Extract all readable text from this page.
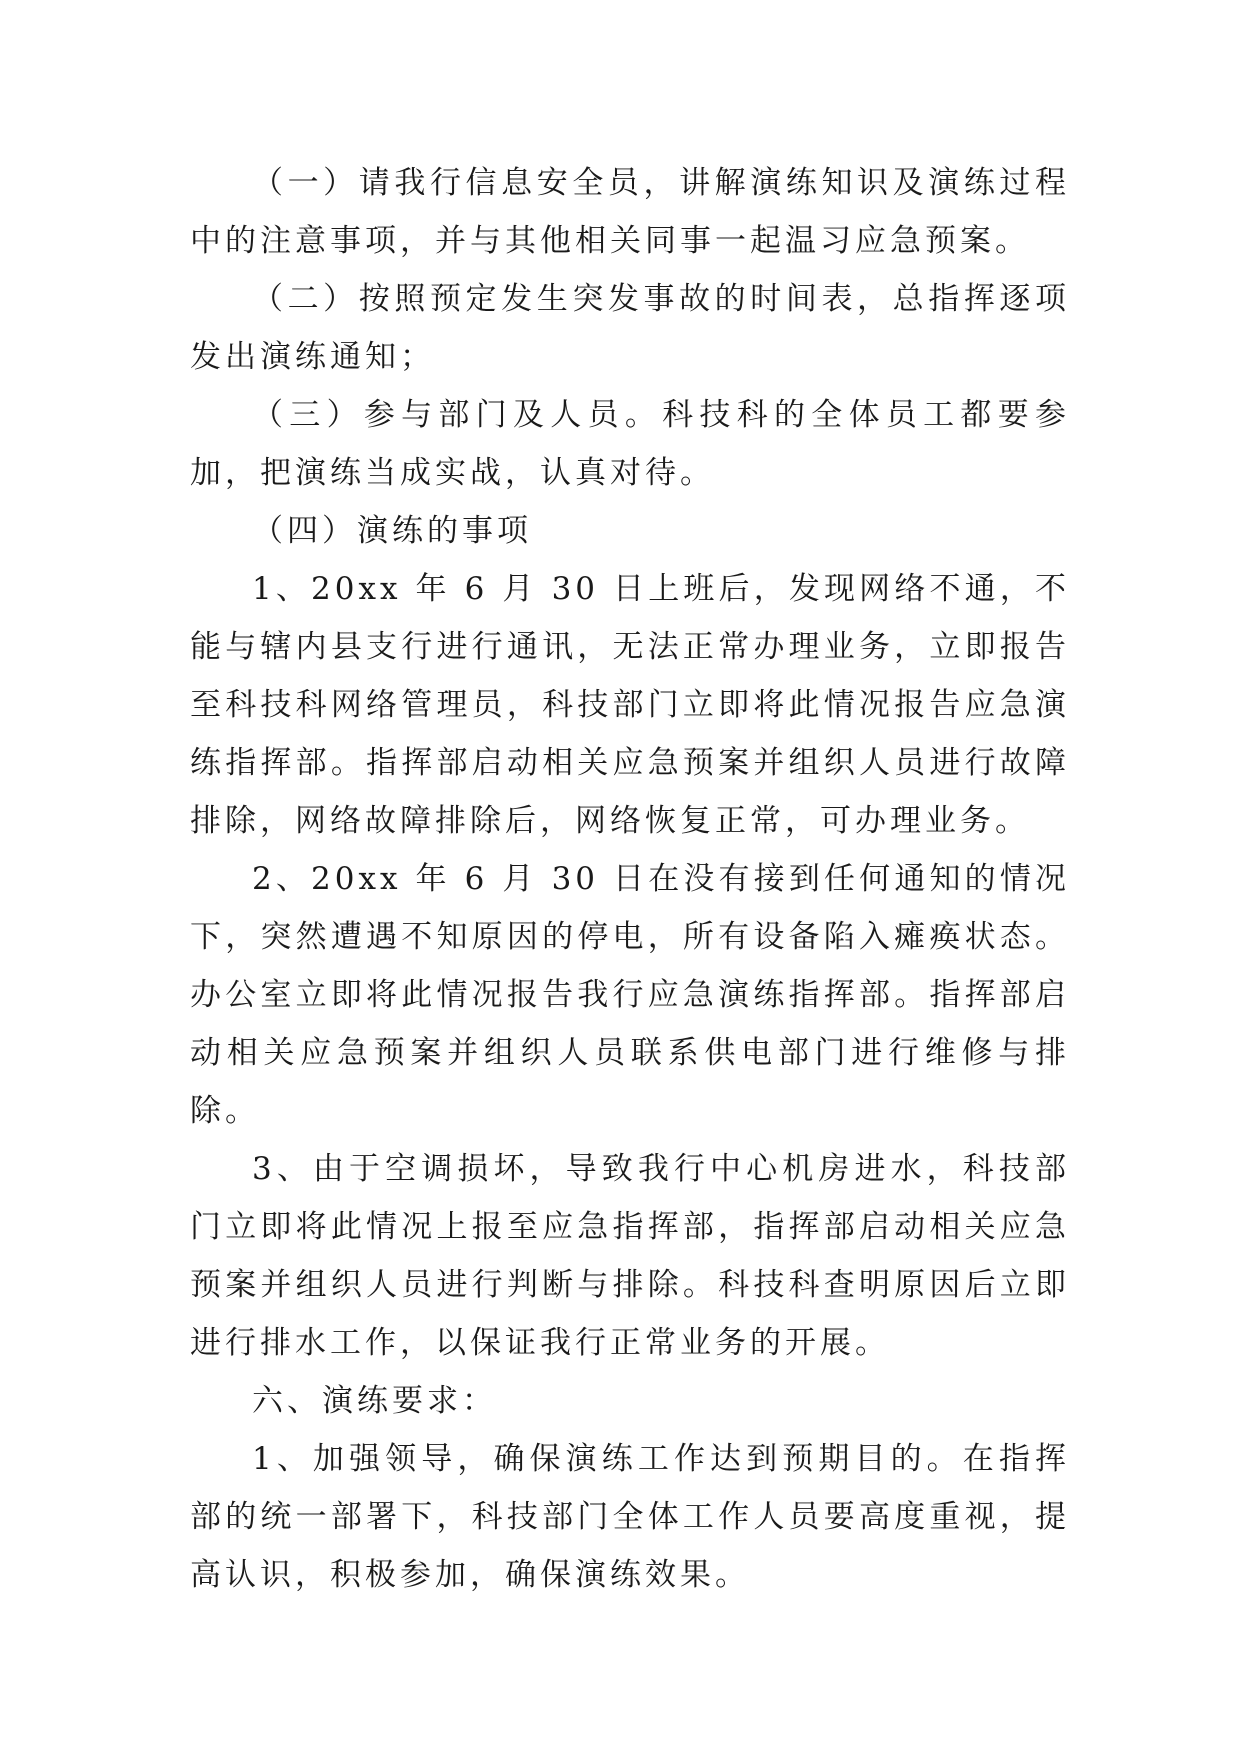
（一）请我行信息安全员，讲解演练知识及演练过程中的注意事项，并与其他相关同事一起温习应急预案。

（二）按照预定发生突发事故的时间表，总指挥逐项发出演练通知；

（三）参与部门及人员。科技科的全体员工都要参加，把演练当成实战，认真对待。

（四）演练的事项

1、20xx 年 6 月 30 日上班后，发现网络不通，不能与辖内县支行进行通讯，无法正常办理业务，立即报告至科技科网络管理员，科技部门立即将此情况报告应急演练指挥部。指挥部启动相关应急预案并组织人员进行故障排除，网络故障排除后，网络恢复正常，可办理业务。

2、20xx 年 6 月 30 日在没有接到任何通知的情况下，突然遭遇不知原因的停电，所有设备陷入瘫痪状态。办公室立即将此情况报告我行应急演练指挥部。指挥部启动相关应急预案并组织人员联系供电部门进行维修与排除。

3、由于空调损坏，导致我行中心机房进水，科技部门立即将此情况上报至应急指挥部，指挥部启动相关应急预案并组织人员进行判断与排除。科技科查明原因后立即进行排水工作，以保证我行正常业务的开展。

六、演练要求：

1、加强领导，确保演练工作达到预期目的。在指挥部的统一部署下，科技部门全体工作人员要高度重视，提高认识，积极参加，确保演练效果。
